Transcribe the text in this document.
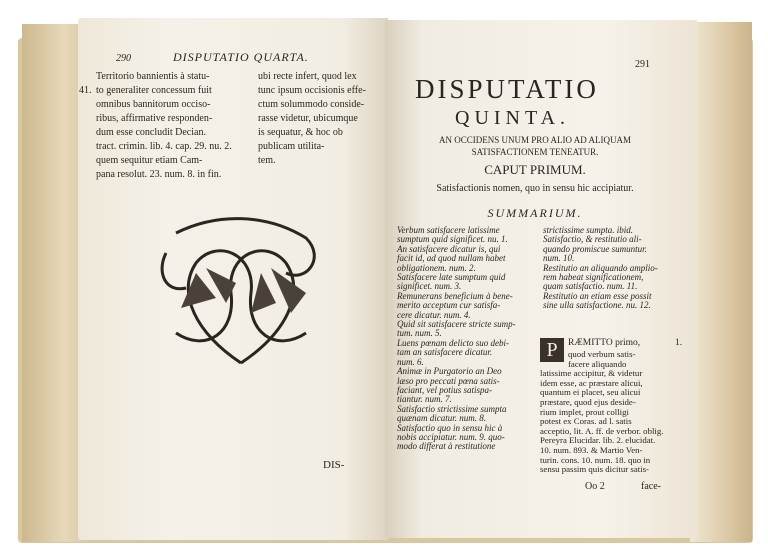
290	DISPUTATIO QUARTA.
41.
Territorio bannientis à statu-
to generaliter concessum fuit
omnibus bannitorum occiso-
ribus, affirmative responden-
dum esse concludit Decian.
tract. crimin. lib. 4. cap. 29. nu. 2.
quem sequitur etiam Cam-
pana resolut. 23. num. 8. in fin.
ubi recte infert, quod lex
tunc ipsum occisionis effe-
ctum solummodo conside-
rasse videtur, ubicumque
is sequatur, & hoc ob
publicam utilita-
tem.
DIS-
291
DISPUTATIO
QUINTA.
AN OCCIDENS UNUM PRO ALIO AD ALIQUAM
SATISFACTIONEM TENEATUR.
CAPUT PRIMUM.
Satisfactionis nomen, quo in sensu hic accipiatur.
SUMMARIUM.
Verbum satisfacere latissime
sumptum quid significet. nu. 1.
An satisfacere dicatur is, qui
facit id, ad quod nullam habet
obligationem. num. 2.
Satisfacere late sumptum quid
significet. num. 3.
Remunerans beneficium à bene-
merito acceptum cur satisfa-
cere dicatur. num. 4.
Quid sit satisfacere stricte sump-
tum. num. 5.
Luens pœnam delicto suo debi-
tam an satisfacere dicatur.
num. 6.
Animæ in Purgatorio an Deo
læso pro peccati pœna satis-
faciant, vel potius satispa-
tiantur. num. 7.
Satisfactio strictissime sumpta
quænam dicatur. num. 8.
Satisfactio quo in sensu hic à
nobis accipiatur. num. 9. quo-
modo differat à restitutione
strictissime sumpta. ibid.
Satisfactio, & restitutio ali-
quando promiscue sumuntur.
num. 10.
Restitutio an aliquando amplio-
rem habeat significationem,
quam satisfactio. num. 11.
Restitutio an etiam esse possit
sine ulla satisfactione. nu. 12.
P	RÆMITTO primo,	1.
quod verbum satis-
facere aliquando
latissime accipitur, & videtur
idem esse, ac præstare alicui,
quantum ei placet, seu alicui
præstare, quod ejus deside-
rium implet, prout colligi
potest ex Coras. ad l. satis
acceptio, lit. A. ff. de verbor. oblig.
Pereyra Elucidar. lib. 2. elucidat.
10. num. 893. & Martio Ven-
turin. cons. 10. num. 18. quo in
sensu passim quis dicitur satis-
Oo 2	face-
